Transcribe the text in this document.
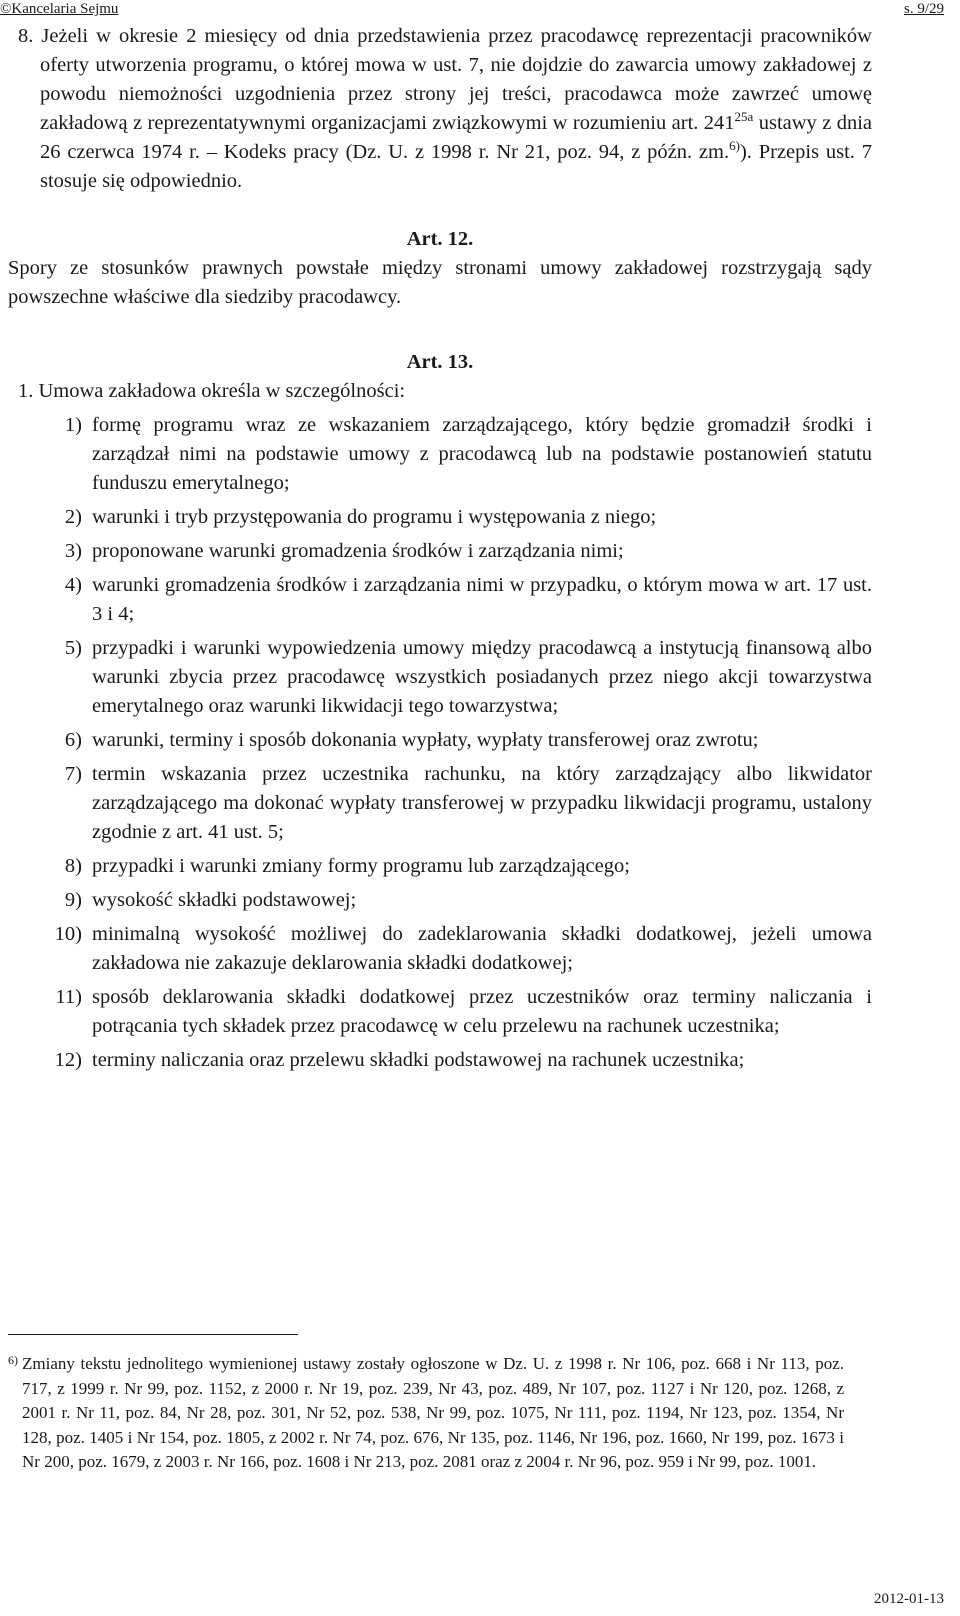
©Kancelaria Sejmu	s. 9/29
8. Jeżeli w okresie 2 miesięcy od dnia przedstawienia przez pracodawcę reprezentacji pracowników oferty utworzenia programu, o której mowa w ust. 7, nie dojdzie do zawarcia umowy zakładowej z powodu niemożności uzgodnienia przez strony jej treści, pracodawca może zawrzeć umowę zakładową z reprezentatywnymi organizacjami związkowymi w rozumieniu art. $241^{25a}$ ustawy z dnia 26 czerwca 1974 r. – Kodeks pracy (Dz. U. z 1998 r. Nr 21, poz. 94, z późn. zm.$^{6)}$). Przepis ust. 7 stosuje się odpowiednio.
Art. 12.
Spory ze stosunków prawnych powstałe między stronami umowy zakładowej rozstrzygają sądy powszechne właściwe dla siedziby pracodawcy.
Art. 13.
1. Umowa zakładowa określa w szczególności:
1) formę programu wraz ze wskazaniem zarządzającego, który będzie gromadził środki i zarządzał nimi na podstawie umowy z pracodawcą lub na podstawie postanowień statutu funduszu emerytalnego;
2) warunki i tryb przystępowania do programu i występowania z niego;
3) proponowane warunki gromadzenia środków i zarządzania nimi;
4) warunki gromadzenia środków i zarządzania nimi w przypadku, o którym mowa w art. 17 ust. 3 i 4;
5) przypadki i warunki wypowiedzenia umowy między pracodawcą a instytucją finansową albo warunki zbycia przez pracodawcę wszystkich posiadanych przez niego akcji towarzystwa emerytalnego oraz warunki likwidacji tego towarzystwa;
6) warunki, terminy i sposób dokonania wypłaty, wypłaty transferowej oraz zwrotu;
7) termin wskazania przez uczestnika rachunku, na który zarządzający albo likwidator zarządzającego ma dokonać wypłaty transferowej w przypadku likwidacji programu, ustalony zgodnie z art. 41 ust. 5;
8) przypadki i warunki zmiany formy programu lub zarządzającego;
9) wysokość składki podstawowej;
10) minimalną wysokość możliwej do zadeklarowania składki dodatkowej, jeżeli umowa zakładowa nie zakazuje deklarowania składki dodatkowej;
11) sposób deklarowania składki dodatkowej przez uczestników oraz terminy naliczania i potrącania tych składek przez pracodawcę w celu przelewu na rachunek uczestnika;
12) terminy naliczania oraz przelewu składki podstawowej na rachunek uczestnika;
6) Zmiany tekstu jednolitego wymienionej ustawy zostały ogłoszone w Dz. U. z 1998 r. Nr 106, poz. 668 i Nr 113, poz. 717, z 1999 r. Nr 99, poz. 1152, z 2000 r. Nr 19, poz. 239, Nr 43, poz. 489, Nr 107, poz. 1127 i Nr 120, poz. 1268, z 2001 r. Nr 11, poz. 84, Nr 28, poz. 301, Nr 52, poz. 538, Nr 99, poz. 1075, Nr 111, poz. 1194, Nr 123, poz. 1354, Nr 128, poz. 1405 i Nr 154, poz. 1805, z 2002 r. Nr 74, poz. 676, Nr 135, poz. 1146, Nr 196, poz. 1660, Nr 199, poz. 1673 i Nr 200, poz. 1679, z 2003 r. Nr 166, poz. 1608 i Nr 213, poz. 2081 oraz z 2004 r. Nr 96, poz. 959 i Nr 99, poz. 1001.
2012-01-13
